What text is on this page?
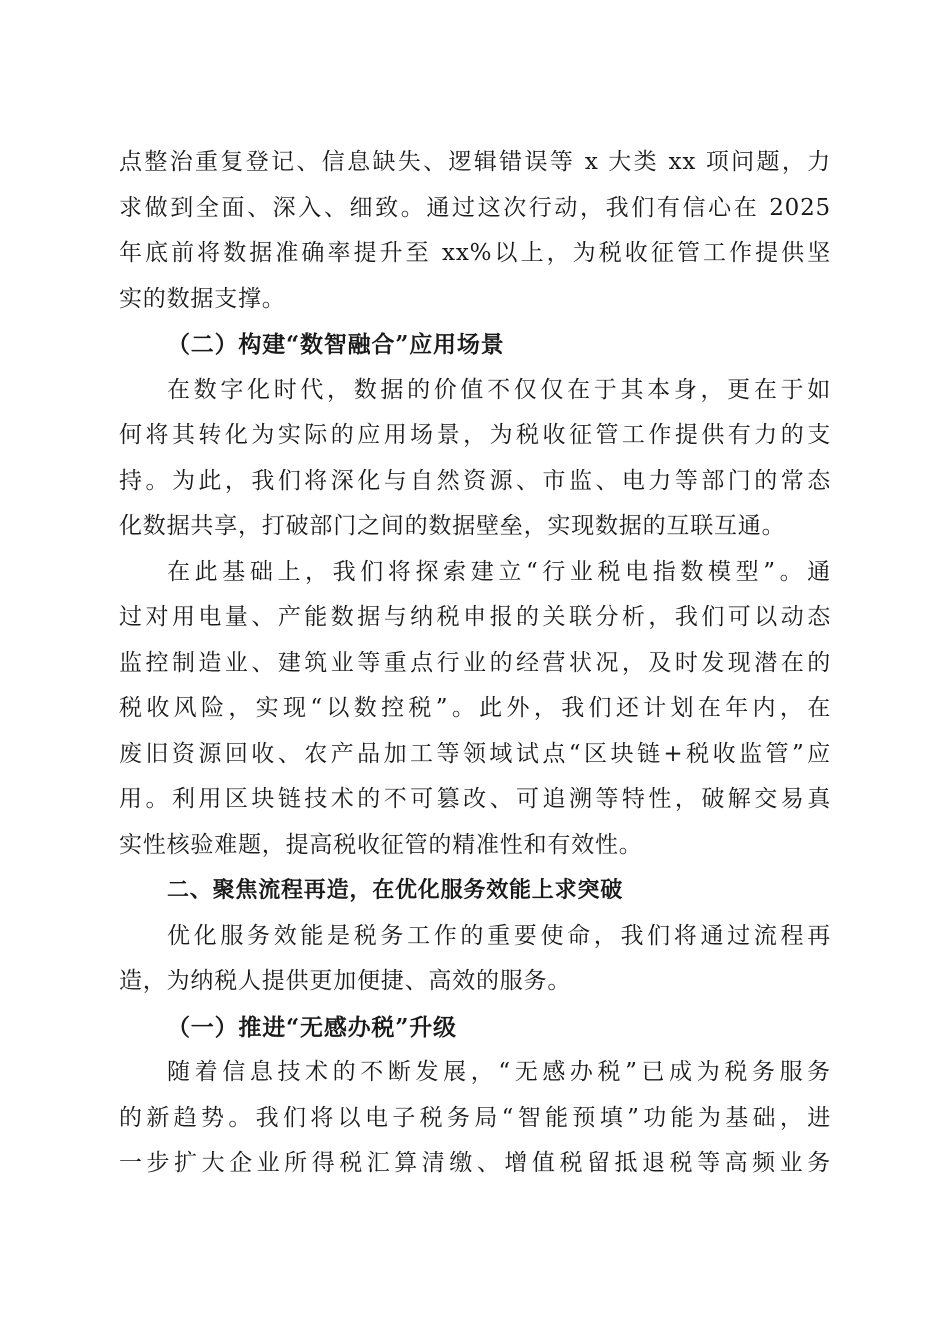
点整治重复登记、信息缺失、逻辑错误等 x 大类 xx 项问题，力
求做到全面、深入、细致。通过这次行动，我们有信心在 2025
年底前将数据准确率提升至 xx%以上，为税收征管工作提供坚
实的数据支撑。

（二）构建“数智融合”应用场景

在数字化时代，数据的价值不仅仅在于其本身，更在于如
何将其转化为实际的应用场景，为税收征管工作提供有力的支
持。为此，我们将深化与自然资源、市监、电力等部门的常态
化数据共享，打破部门之间的数据壁垒，实现数据的互联互通。

在此基础上，我们将探索建立“行业税电指数模型”。通
过对用电量、产能数据与纳税申报的关联分析，我们可以动态
监控制造业、建筑业等重点行业的经营状况，及时发现潜在的
税收风险，实现“以数控税”。此外，我们还计划在年内，在
废旧资源回收、农产品加工等领域试点“区块链+税收监管”应
用。利用区块链技术的不可篡改、可追溯等特性，破解交易真
实性核验难题，提高税收征管的精准性和有效性。

二、聚焦流程再造，在优化服务效能上求突破

优化服务效能是税务工作的重要使命，我们将通过流程再
造，为纳税人提供更加便捷、高效的服务。

（一）推进“无感办税”升级

随着信息技术的不断发展，“无感办税”已成为税务服务
的新趋势。我们将以电子税务局“智能预填”功能为基础，进
一步扩大企业所得税汇算清缴、增值税留抵退税等高频业务
